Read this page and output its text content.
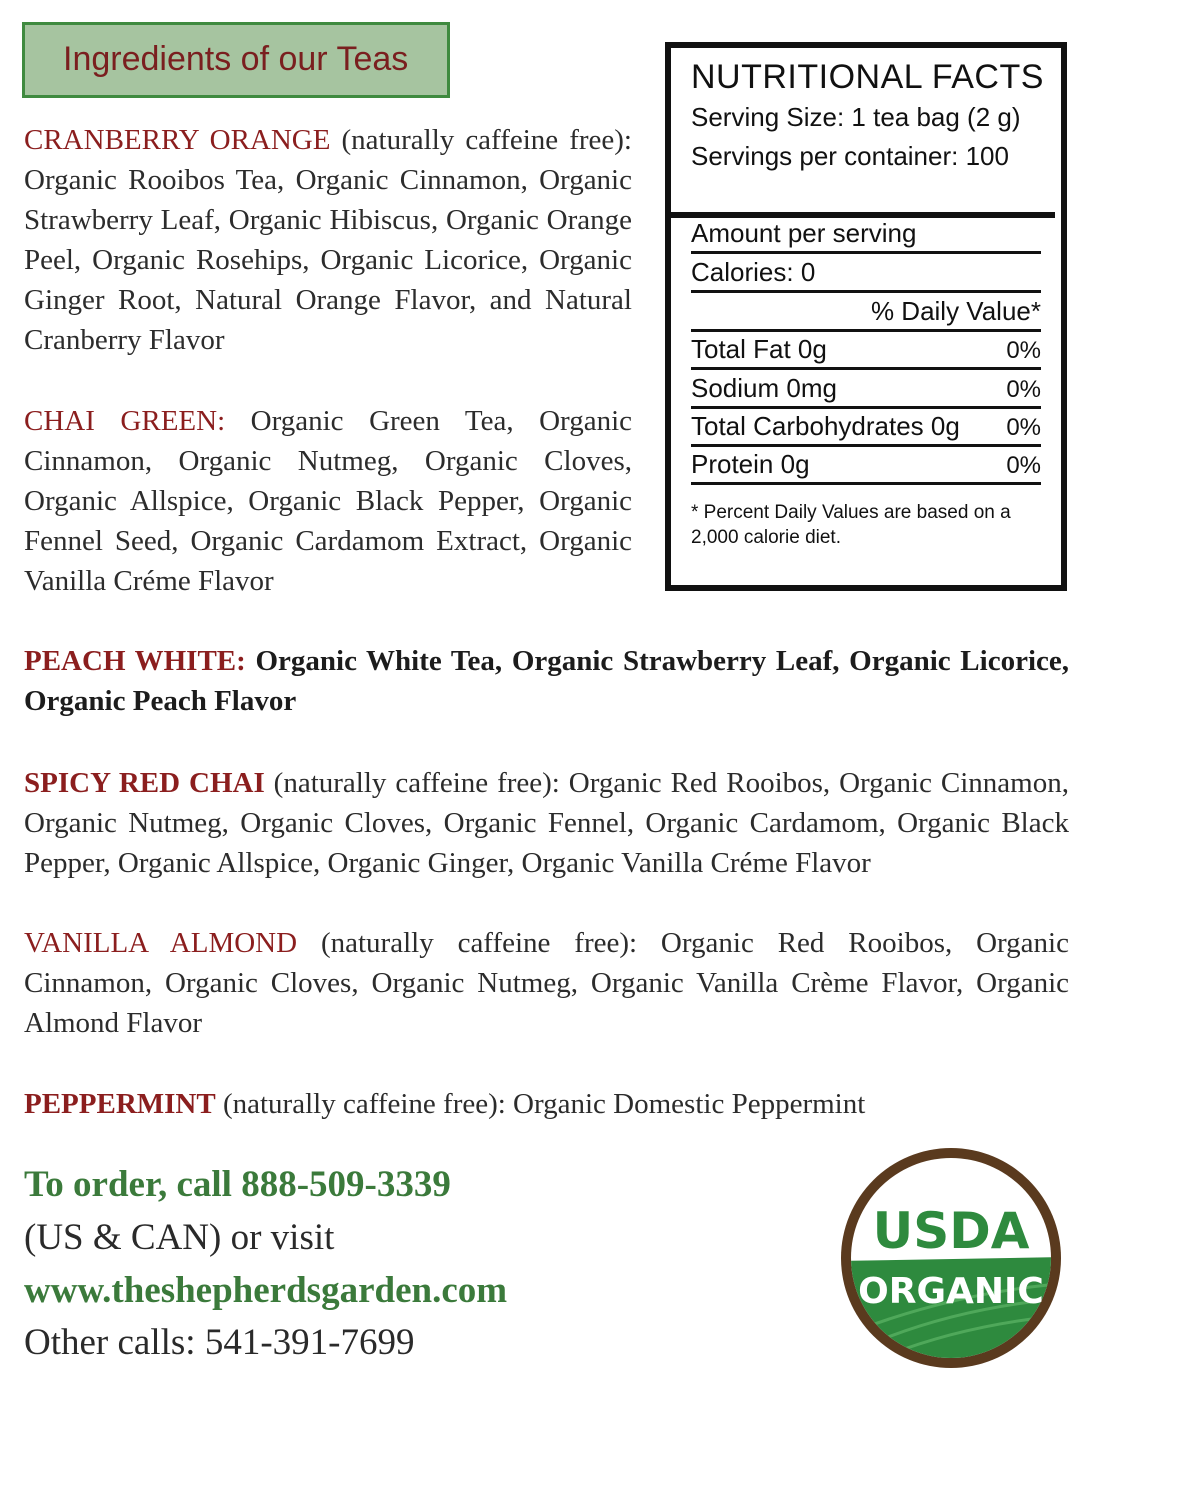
Ingredients of our Teas
CRANBERRY ORANGE (naturally caffeine free): Organic Rooibos Tea, Organic Cinnamon, Organic Strawberry Leaf, Organic Hibiscus, Organic Orange Peel, Organic Rosehips, Organic Licorice, Organic Ginger Root, Natural Orange Flavor, and Natural Cranberry Flavor
CHAI GREEN: Organic Green Tea, Organic Cinnamon, Organic Nutmeg, Organic Cloves, Organic Allspice, Organic Black Pepper, Organic Fennel Seed, Organic Cardamom Extract, Organic Vanilla Créme Flavor
PEACH WHITE: Organic White Tea, Organic Strawberry Leaf, Organic Licorice, Organic Peach Flavor
SPICY RED CHAI (naturally caffeine free): Organic Red Rooibos, Organic Cinnamon, Organic Nutmeg, Organic Cloves, Organic Fennel, Organic Cardamom, Organic Black Pepper, Organic Allspice, Organic Ginger, Organic Vanilla Créme Flavor
VANILLA ALMOND (naturally caffeine free): Organic Red Rooibos, Organic Cinnamon, Organic Cloves, Organic Nutmeg, Organic Vanilla Crème Flavor, Organic Almond Flavor
PEPPERMINT (naturally caffeine free): Organic Domestic Peppermint
NUTRITIONAL FACTS
Serving Size: 1 tea bag (2 g)
Servings per container: 100
Amount per serving
Calories: 0
% Daily Value*
Total Fat 0g	0%
Sodium 0mg	0%
Total Carbohydrates 0g 0%
Protein 0g	0%
* Percent Daily Values are based on a 2,000 calorie diet.
To order, call 888-509-3339
(US & CAN) or visit
www.theshepherdsgarden.com
Other calls: 541-391-7699
USDA
ORGANIC
